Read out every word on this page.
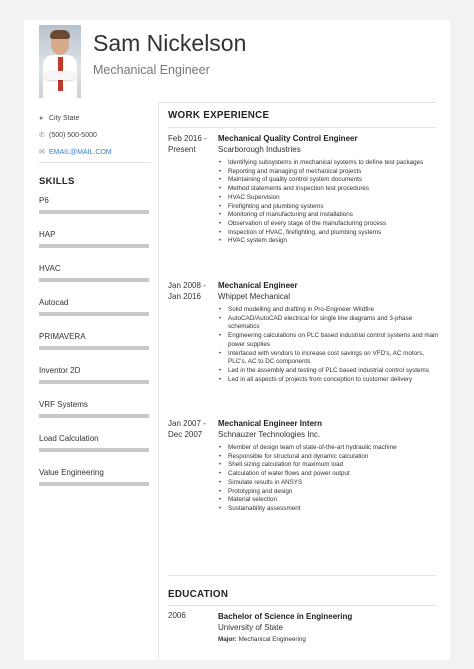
Sam Nickelson
Mechanical Engineer
● City State
✆ (500) 500-5000
✉ EMAIL@MAIL.COM
SKILLS
P6
HAP
HVAC
Autocad
PRIMAVERA
Inventor 2D
VRF Systems
Load Calculation
Value Engineering
WORK EXPERIENCE
Feb 2016 -
Present
Mechanical Quality Control Engineer
Scarborough Industries
• Identifying subsystems in mechanical systems to define test packages
• Reporting and managing of mechanical projects
• Maintaining of quality control system documents
• Method statements and inspection test procedures
• HVAC Supervision
• Firefighting and plumbing systems
• Monitoring of manufacturing and installations
• Observation of every stage of the manufacturing process
• Inspection of HVAC, firefighting, and plumbing systems
• HVAC system design
Jan 2008 -
Jan 2016
Mechanical Engineer
Whippet Mechanical
• Solid modelling and drafting in Pro-Engineer Wildfire
• AutoCAD/AutoCAD electrical for single line diagrams and 3-phase schematics
• Engineering calculations on PLC based industrial control systems and main power supplies
• Interfaced with vendors to increase cost savings on VFD's, AC motors, PLC's, AC to DC components
• Led in the assembly and testing of PLC based industrial control systems
• Led in all aspects of projects from conception to customer delivery
Jan 2007 -
Dec 2007
Mechanical Engineer Intern
Schnauzer Technologies Inc.
• Member of design team of state-of-the-art hydraulic machine
• Responsible for structural and dynamic calculation
• Shell sizing calculation for maximum load
• Calculation of water flows and power output
• Simulate results in ANSYS
• Prototyping and design
• Material selection
• Sustainability assessment
EDUCATION
2006	Bachelor of Science in Engineering
University of State
Major: Mechanical Engineering
